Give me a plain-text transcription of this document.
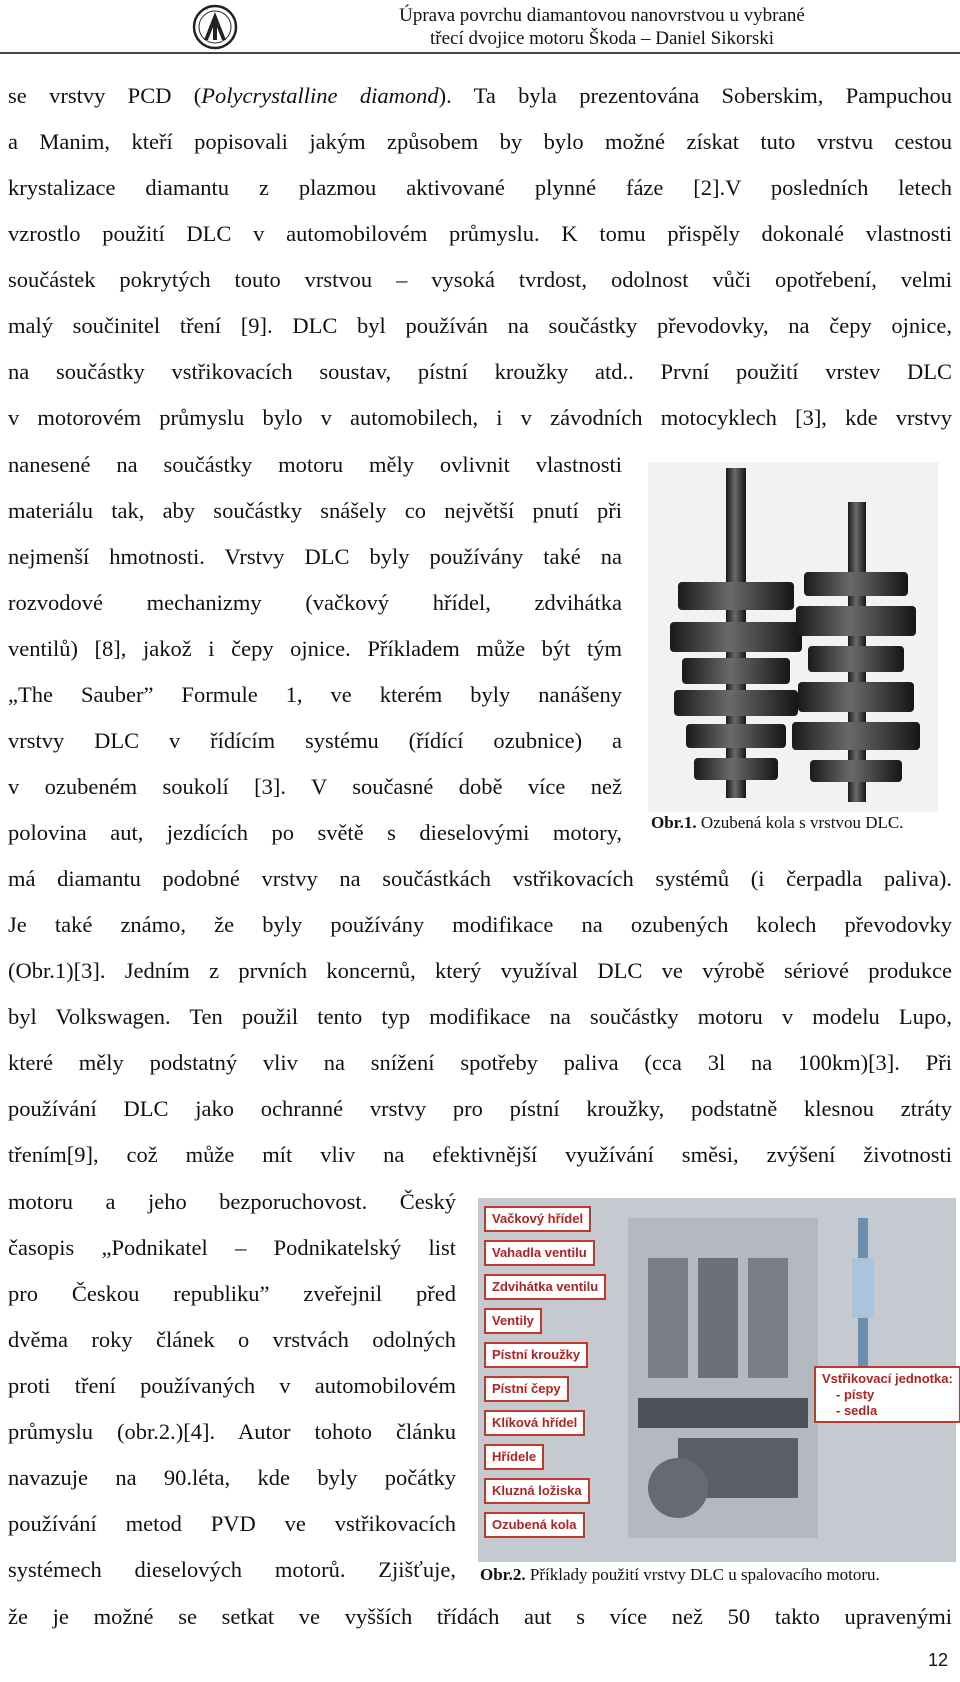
Úprava povrchu diamantovou nanovrstvou u vybrané
třecí dvojice motoru Škoda – Daniel Sikorski
se vrstvy PCD (Polycrystalline diamond). Ta byla prezentována Soberskim, Pampuchou
a Manim, kteří popisovali jakým způsobem by bylo možné získat tuto vrstvu cestou
krystalizace diamantu z plazmou aktivované plynné fáze [2].V posledních letech
vzrostlo použití DLC v automobilovém průmyslu. K tomu přispěly dokonalé vlastnosti
součástek pokrytých touto vrstvou – vysoká tvrdost, odolnost vůči opotřebení, velmi
malý součinitel tření [9]. DLC byl používán na součástky převodovky, na čepy ojnice,
na součástky vstřikovacích soustav, pístní kroužky atd.. První použití vrstev DLC
v motorovém průmyslu bylo v automobilech, i v závodních motocyklech [3], kde vrstvy
nanesené na součástky motoru měly ovlivnit vlastnosti
materiálu tak, aby součástky snášely co největší pnutí při
nejmenší hmotnosti. Vrstvy DLC byly používány také na
rozvodové mechanizmy (vačkový hřídel, zdvihátka
ventilů) [8], jakož i čepy ojnice. Příkladem může být tým
„The Sauber” Formule 1, ve kterém byly nanášeny
vrstvy DLC v řídícím systému (řídící ozubnice) a
v ozubeném soukolí [3]. V současné době více než
polovina aut, jezdících po světě s dieselovými motory,
má diamantu podobné vrstvy na součástkách vstřikovacích systémů (i čerpadla paliva).
Je také známo, že byly používány modifikace na ozubených kolech převodovky
(Obr.1)[3]. Jedním z prvních koncernů, který využíval DLC ve výrobě sériové produkce
byl Volkswagen. Ten použil tento typ modifikace na součástky motoru v modelu Lupo,
které měly podstatný vliv na snížení spotřeby paliva (cca 3l na 100km)[3]. Při
používání DLC jako ochranné vrstvy pro pístní kroužky, podstatně klesnou ztráty
třením[9], což může mít vliv na efektivnější využívání směsi, zvýšení životnosti
motoru a jeho bezporuchovost. Český
časopis „Podnikatel – Podnikatelský list
pro Českou republiku” zveřejnil před
dvěma roky článek o vrstvách odolných
proti tření používaných v automobilovém
průmyslu (obr.2.)[4]. Autor tohoto článku
navazuje na 90.léta, kde byly počátky
používání metod PVD ve vstřikovacích
systémech dieselových motorů. Zjišťuje,
že je možné se setkat ve vyšších třídách aut s více než 50 takto upravenými
Obr.1. Ozubená kola s vrstvou DLC.
Vačkový hřídel
Vahadla ventilu
Zdvihátka ventilu
Ventily
Pístní kroužky
Pístní čepy
Klíková hřídel
Hřídele
Kluzná ložiska
Ozubená kola
Vstřikovací jednotka:
- písty
- sedla
Obr.2. Příklady použití vrstvy DLC u spalovacího motoru.
12
